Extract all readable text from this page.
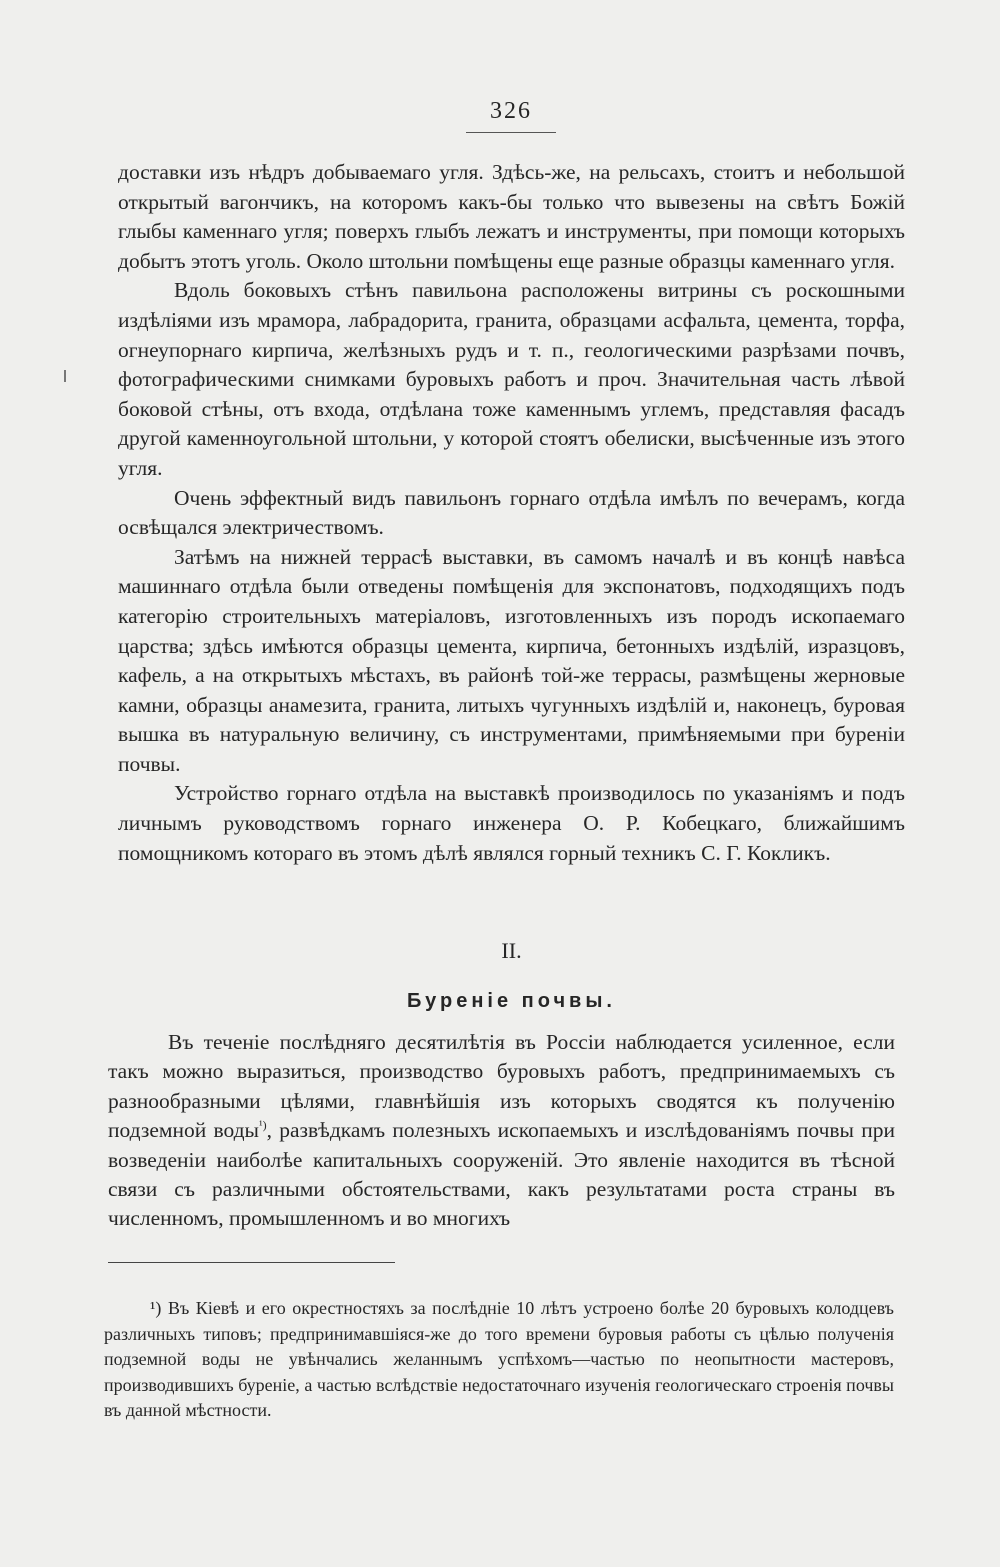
326

доставки изъ нѣдръ добываемаго угля. Здѣсь-же, на рельсахъ, стоитъ и небольшой открытый вагончикъ, на которомъ какъ-бы только что вывезены на свѣтъ Божій глыбы каменнаго угля; поверхъ глыбъ лежатъ и инструменты, при помощи которыхъ добытъ этотъ уголь. Около штольни помѣщены еще разные образцы каменнаго угля.

Вдоль боковыхъ стѣнъ павильона расположены витрины съ роскошными издѣліями изъ мрамора, лабрадорита, гранита, образцами асфальта, цемента, торфа, огнеупорнаго кирпича, желѣзныхъ рудъ и т. п., геологическими разрѣзами почвъ, фотографическими снимками буровыхъ работъ и проч. Значительная часть лѣвой боковой стѣны, отъ входа, отдѣлана тоже каменнымъ углемъ, представляя фасадъ другой каменноугольной штольни, у которой стоятъ обелиски, высѣченные изъ этого угля.

Очень эффектный видъ павильонъ горнаго отдѣла имѣлъ по вечерамъ, когда освѣщался электричествомъ.

Затѣмъ на нижней террасѣ выставки, въ самомъ началѣ и въ концѣ навѣса машиннаго отдѣла были отведены помѣщенія для экспонатовъ, подходящихъ подъ категорію строительныхъ матеріаловъ, изготовленныхъ изъ породъ ископаемаго царства; здѣсь имѣются образцы цемента, кирпича, бетонныхъ издѣлій, изразцовъ, кафель, а на открытыхъ мѣстахъ, въ районѣ той-же террасы, размѣщены жерновые камни, образцы анамезита, гранита, литыхъ чугунныхъ издѣлій и, наконецъ, буровая вышка въ натуральную величину, съ инструментами, примѣняемыми при буреніи почвы.

Устройство горнаго отдѣла на выставкѣ производилось по указаніямъ и подъ личнымъ руководствомъ горнаго инженера О. Р. Кобецкаго, ближайшимъ помощникомъ котораго въ этомъ дѣлѣ являлся горный техникъ С. Г. Кокликъ.

II.
Буреніе почвы.

Въ теченіе послѣдняго десятилѣтія въ Россіи наблюдается усиленное, если такъ можно выразиться, производство буровыхъ работъ, предпринимаемыхъ съ разнообразными цѣлями, главнѣйшія изъ которыхъ сводятся къ полученію подземной воды$^{^1)}$, развѣдкамъ полезныхъ ископаемыхъ и изслѣдованіямъ почвы при возведеніи наиболѣе капитальныхъ сооруженій. Это явленіе находится въ тѣсной связи съ различными обстоятельствами, какъ результатами роста страны въ численномъ, промышленномъ и во многихъ

¹) Въ Кіевѣ и его окрестностяхъ за послѣдніе 10 лѣтъ устроено болѣе 20 буровыхъ колодцевъ различныхъ типовъ; предпринимавшіяся-же до того времени буровыя работы съ цѣлью полученія подземной воды не увѣнчались желаннымъ успѣхомъ—частью по неопытности мастеровъ, производившихъ буреніе, а частью вслѣдствіе недостаточнаго изученія геологическаго строенія почвы въ данной мѣстности.
